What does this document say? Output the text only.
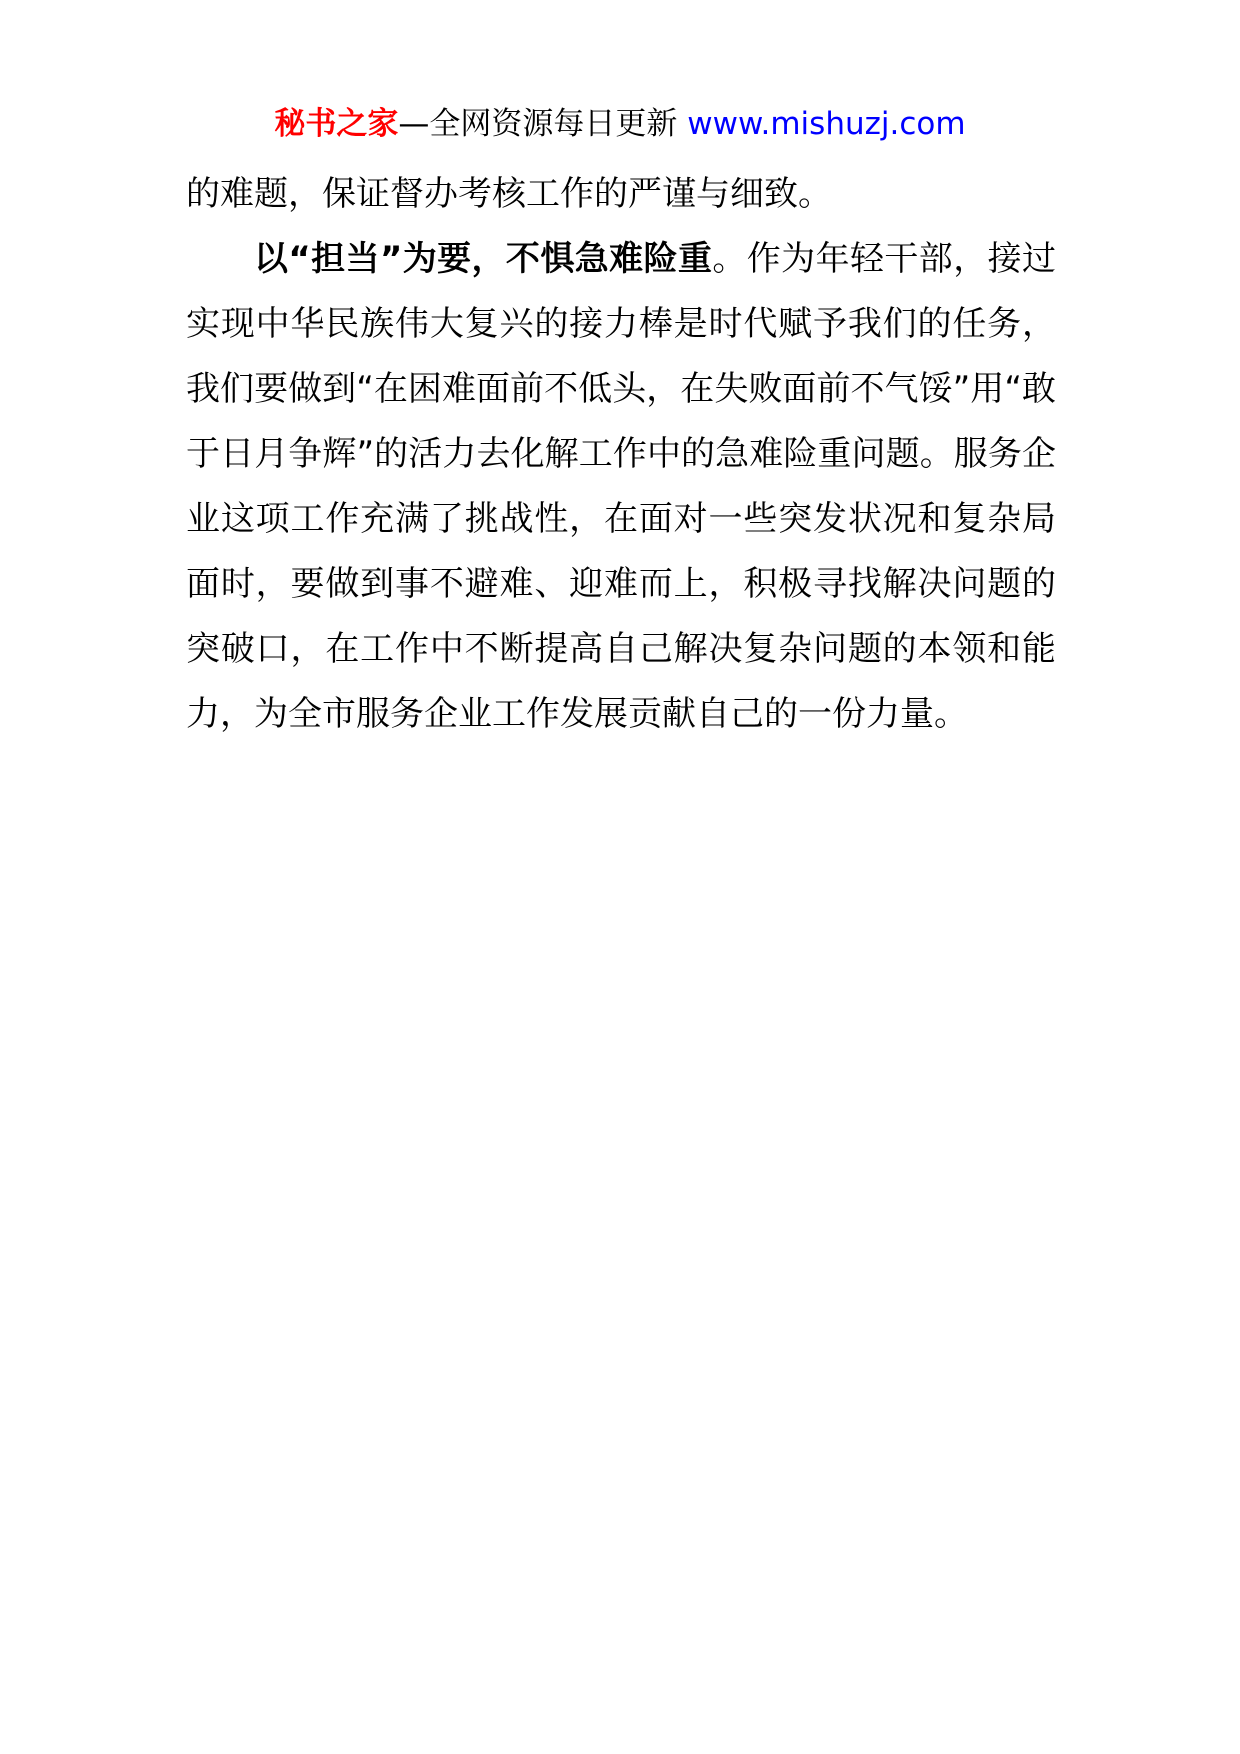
秘书之家—全网资源每日更新 www.mishuzj.com

的难题，保证督办考核工作的严谨与细致。

以“担当”为要，不惧急难险重。作为年轻干部，接过实现中华民族伟大复兴的接力棒是时代赋予我们的任务，我们要做到“在困难面前不低头，在失败面前不气馁”用“敢于日月争辉”的活力去化解工作中的急难险重问题。服务企业这项工作充满了挑战性，在面对一些突发状况和复杂局面时，要做到事不避难、迎难而上，积极寻找解决问题的突破口，在工作中不断提高自己解决复杂问题的本领和能力，为全市服务企业工作发展贡献自己的一份力量。
